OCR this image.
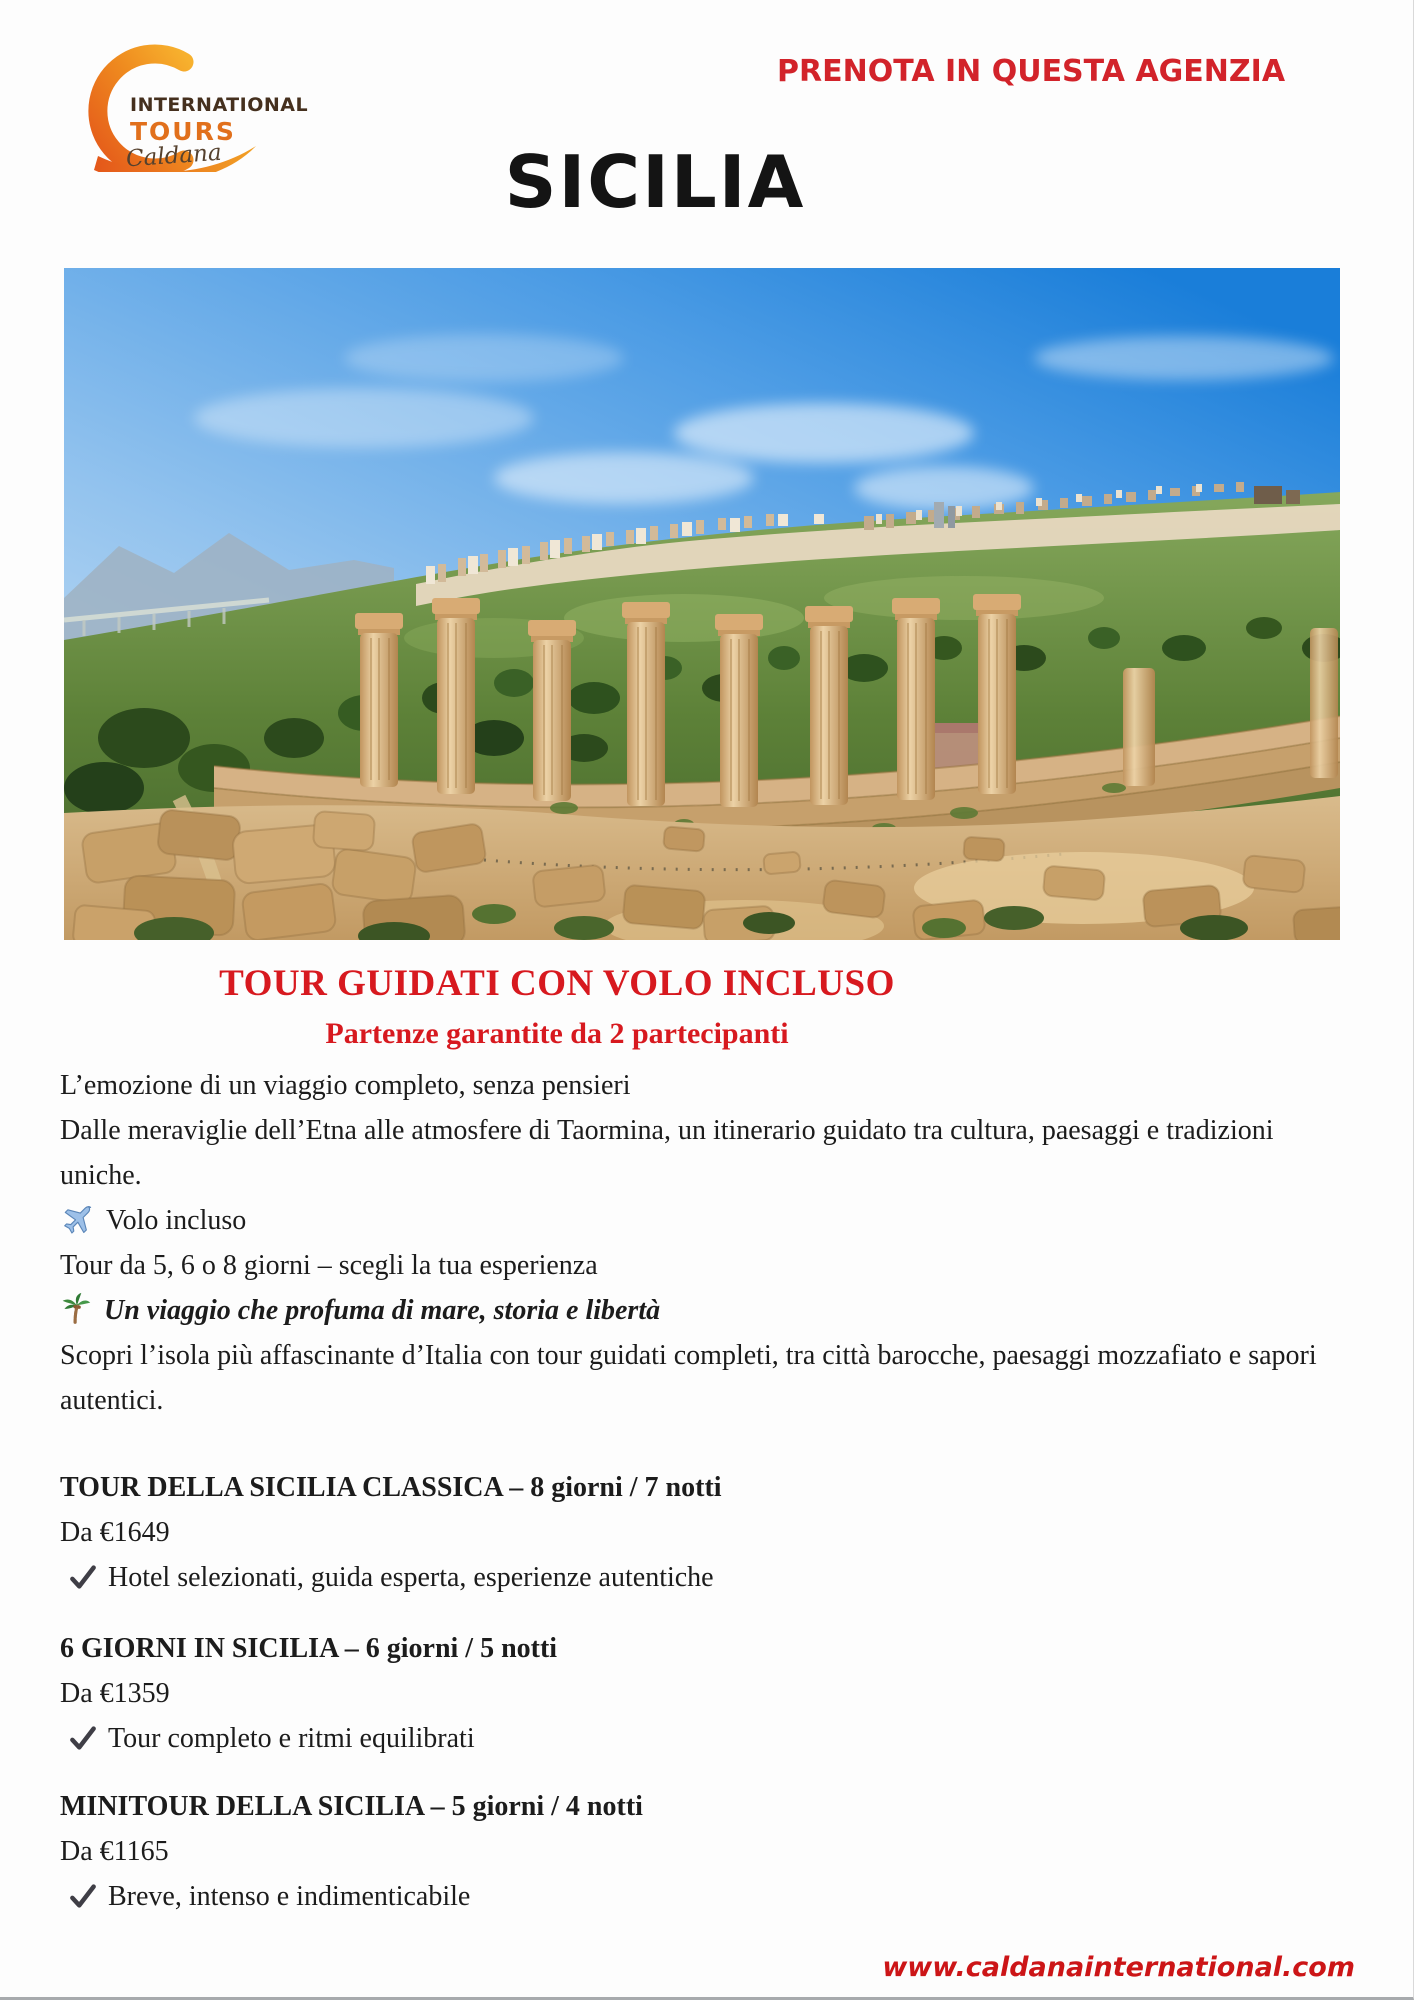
INTERNATIONAL
TOURS
Caldana
PRENOTA IN QUESTA AGENZIA
SICILIA
TOUR GUIDATI CON VOLO INCLUSO
Partenze garantite da 2 partecipanti

L’emozione di un viaggio completo, senza pensieri

Dalle meraviglie dell’Etna alle atmosfere di Taormina, un itinerario guidato tra cultura, paesaggi e tradizioni uniche.

Volo incluso

Tour da 5, 6 o 8 giorni – scegli la tua esperienza

Un viaggio che profuma di mare, storia e libertà

Scopri l’isola più affascinante d’Italia con tour guidati completi, tra città barocche, paesaggi mozzafiato e sapori autentici.

TOUR DELLA SICILIA CLASSICA – 8 giorni / 7 notti
Da €1649
Hotel selezionati, guida esperta, esperienze autentiche
6 GIORNI IN SICILIA – 6 giorni / 5 notti
Da €1359
Tour completo e ritmi equilibrati
MINITOUR DELLA SICILIA – 5 giorni / 4 notti
Da €1165
Breve, intenso e indimenticabile
www.caldanainternational.com
